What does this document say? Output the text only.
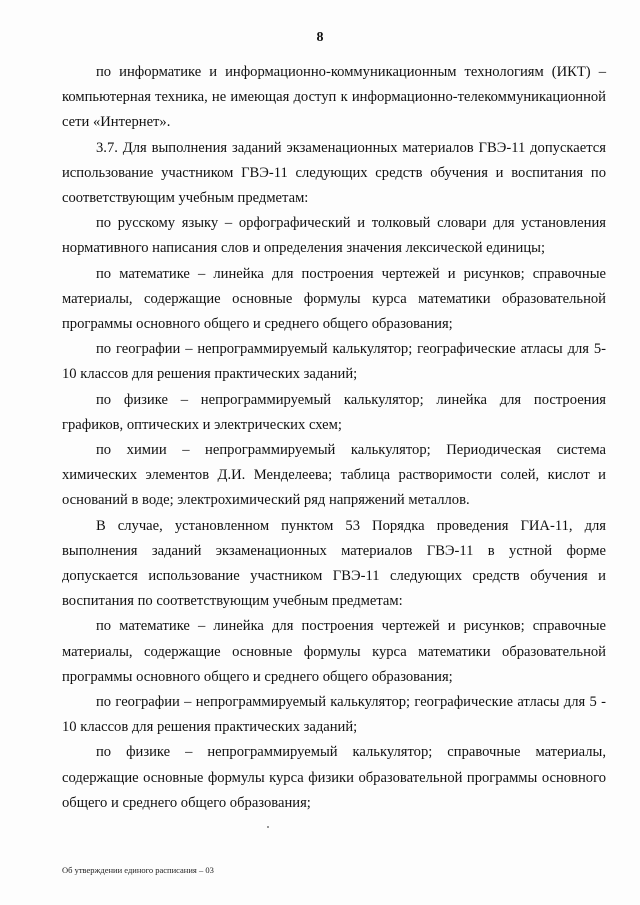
8

по информатике и информационно-коммуникационным технологиям (ИКТ) – компьютерная техника, не имеющая доступ к информационно-телекоммуникационной сети «Интернет».

3.7. Для выполнения заданий экзаменационных материалов ГВЭ-11 допускается использование участником ГВЭ-11 следующих средств обучения и воспитания по соответствующим учебным предметам:

по русскому языку – орфографический и толковый словари для установления нормативного написания слов и определения значения лексической единицы;

по математике – линейка для построения чертежей и рисунков; справочные материалы, содержащие основные формулы курса математики образовательной программы основного общего и среднего общего образования;

по географии – непрограммируемый калькулятор; географические атласы для 5-10 классов для решения практических заданий;

по физике – непрограммируемый калькулятор; линейка для построения графиков, оптических и электрических схем;

по химии – непрограммируемый калькулятор; Периодическая система химических элементов Д.И. Менделеева; таблица растворимости солей, кислот и оснований в воде; электрохимический ряд напряжений металлов.

В случае, установленном пунктом 53 Порядка проведения ГИА-11, для выполнения заданий экзаменационных материалов ГВЭ-11 в устной форме допускается использование участником ГВЭ-11 следующих средств обучения и воспитания по соответствующим учебным предметам:

по математике – линейка для построения чертежей и рисунков; справочные материалы, содержащие основные формулы курса математики образовательной программы основного общего и среднего общего образования;

по географии – непрограммируемый калькулятор; географические атласы для 5 - 10 классов для решения практических заданий;

по физике – непрограммируемый калькулятор; справочные материалы, содержащие основные формулы курса физики образовательной программы основного общего и среднего общего образования;

Об утверждении единого расписания – 03
